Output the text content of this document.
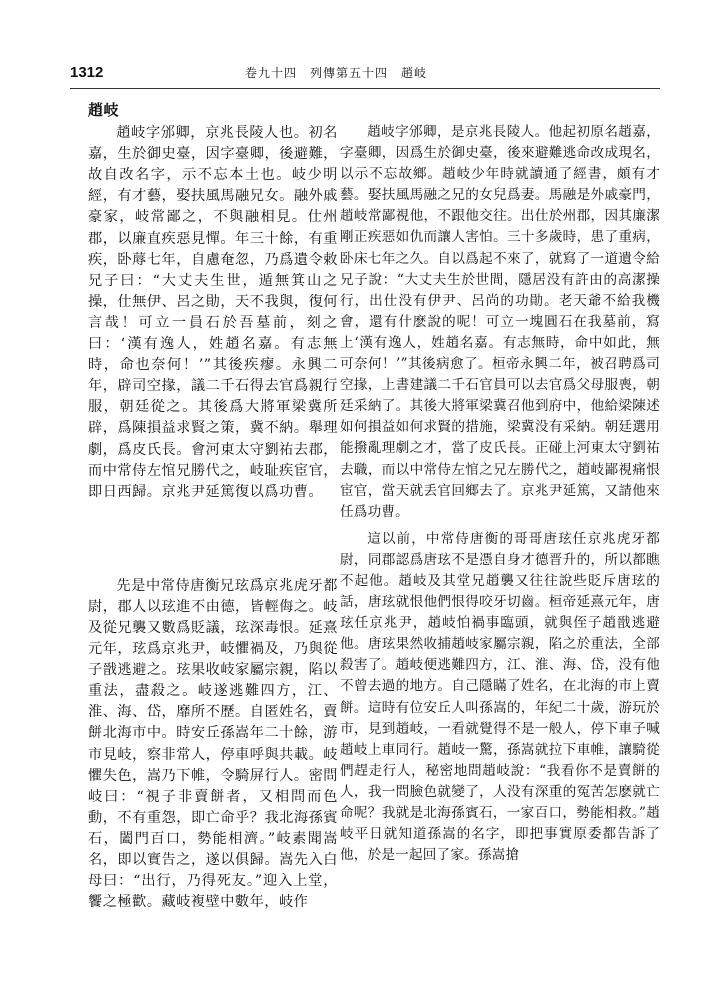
1312	卷九十四　列傳第五十四　趙岐
趙岐

趙岐字邠卿，京兆長陵人也。初名嘉，生於御史臺，因字臺卿，後避難，故自改名字，示不忘本土也。岐少明經，有才藝，娶扶風馬融兄女。融外戚豪家，岐常鄙之，不與融相見。仕州郡，以廉直疾惡見憚。年三十餘，有重疾，卧蓐七年，自慮奄忽，乃爲遺令敕兄子曰：“大丈夫生世，遁無箕山之操，仕無伊、呂之勛，天不我與，復何言哉！可立一員石於吾墓前，刻之曰：‘漢有逸人，姓趙名嘉。有志無時，命也奈何！’”其後疾瘳。永興二年，辟司空掾，議二千石得去官爲親行服，朝廷從之。其後爲大將軍梁冀所辟，爲陳損益求賢之策，冀不納。舉理劇，爲皮氏長。會河東太守劉祐去郡，而中常侍左悺兄勝代之，岐耻疾宦官，即日西歸。京兆尹延篤復以爲功曹。

先是中常侍唐衡兄玹爲京兆虎牙都尉，郡人以玹進不由德，皆輕侮之。岐及從兄襲又數爲貶議，玹深毒恨。延熹元年，玹爲京兆尹，岐懼禍及，乃與從子戩逃避之。玹果收岐家屬宗親，陷以重法，盡殺之。岐遂逃難四方，江、淮、海、岱，靡所不歷。自匿姓名，賣餅北海市中。時安丘孫嵩年二十餘，游市見岐，察非常人，停車呼與共載。岐懼失色，嵩乃下帷，令騎屏行人。密問岐曰：“視子非賣餅者，又相問而色動，不有重怨，即亡命乎？我北海孫賓石，闔門百口，勢能相濟。”岐素聞嵩名，即以實告之，遂以俱歸。嵩先入白母曰：“出行，乃得死友。”迎入上堂，饗之極歡。藏岐複壁中數年，岐作

趙岐字邠卿，是京兆長陵人。他起初原名趙嘉，字臺卿，因爲生於御史臺，後來避難逃命改成現名，以示不忘故鄉。趙岐少年時就讀通了經書，頗有才藝。娶扶風馬融之兄的女兒爲妻。馬融是外戚豪門，趙岐常鄙視他，不跟他交往。出仕於州郡，因其廉潔剛正疾惡如仇而讓人害怕。三十多歲時，患了重病，卧床七年之久。自以爲起不來了，就寫了一道遺令給兄子說：“大丈夫生於世間，隱居没有許由的高潔操行，出仕没有伊尹、呂尚的功勛。老天爺不給我機會，還有什麽說的呢！可立一塊圓石在我墓前，寫上‘漢有逸人，姓趙名嘉。有志無時，命中如此，無可奈何！’”其後病愈了。桓帝永興二年，被召聘爲司空掾，上書建議二千石官員可以去官爲父母服喪，朝廷采納了。其後大將軍梁冀召他到府中，他給梁陳述如何損益如何求賢的措施，梁冀没有采納。朝廷選用能撥亂理劇之才，當了皮氏長。正碰上河東太守劉祐去職，而以中常侍左悺之兄左勝代之，趙岐鄙視痛恨宦官，當天就丢官回鄉去了。京兆尹延篤，又請他來任爲功曹。

這以前，中常侍唐衡的哥哥唐玹任京兆虎牙都尉，同郡認爲唐玹不是憑自身才德晋升的，所以都瞧不起他。趙岐及其堂兄趙襲又往往說些貶斥唐玹的話，唐玹就恨他們恨得咬牙切齒。桓帝延熹元年，唐玹任京兆尹，趙岐怕禍事臨頭，就與侄子趙戩逃避他。唐玹果然收捕趙岐家屬宗親，陷之於重法，全部殺害了。趙岐便逃難四方，江、淮、海、岱，没有他不曾去過的地方。自己隱瞞了姓名，在北海的市上賣餅。這時有位安丘人叫孫嵩的，年紀二十歲，游玩於市，見到趙岐，一看就覺得不是一般人，停下車子喊趙岐上車同行。趙岐一驚，孫嵩就拉下車帷，讓騎從們趕走行人，秘密地問趙岐說：“我看你不是賣餅的人，我一問臉色就變了，人没有深重的冤苦怎麽就亡命呢？我就是北海孫賓石，一家百口，勢能相救。”趙岐平日就知道孫嵩的名字，即把事實原委都告訴了他，於是一起回了家。孫嵩搶
